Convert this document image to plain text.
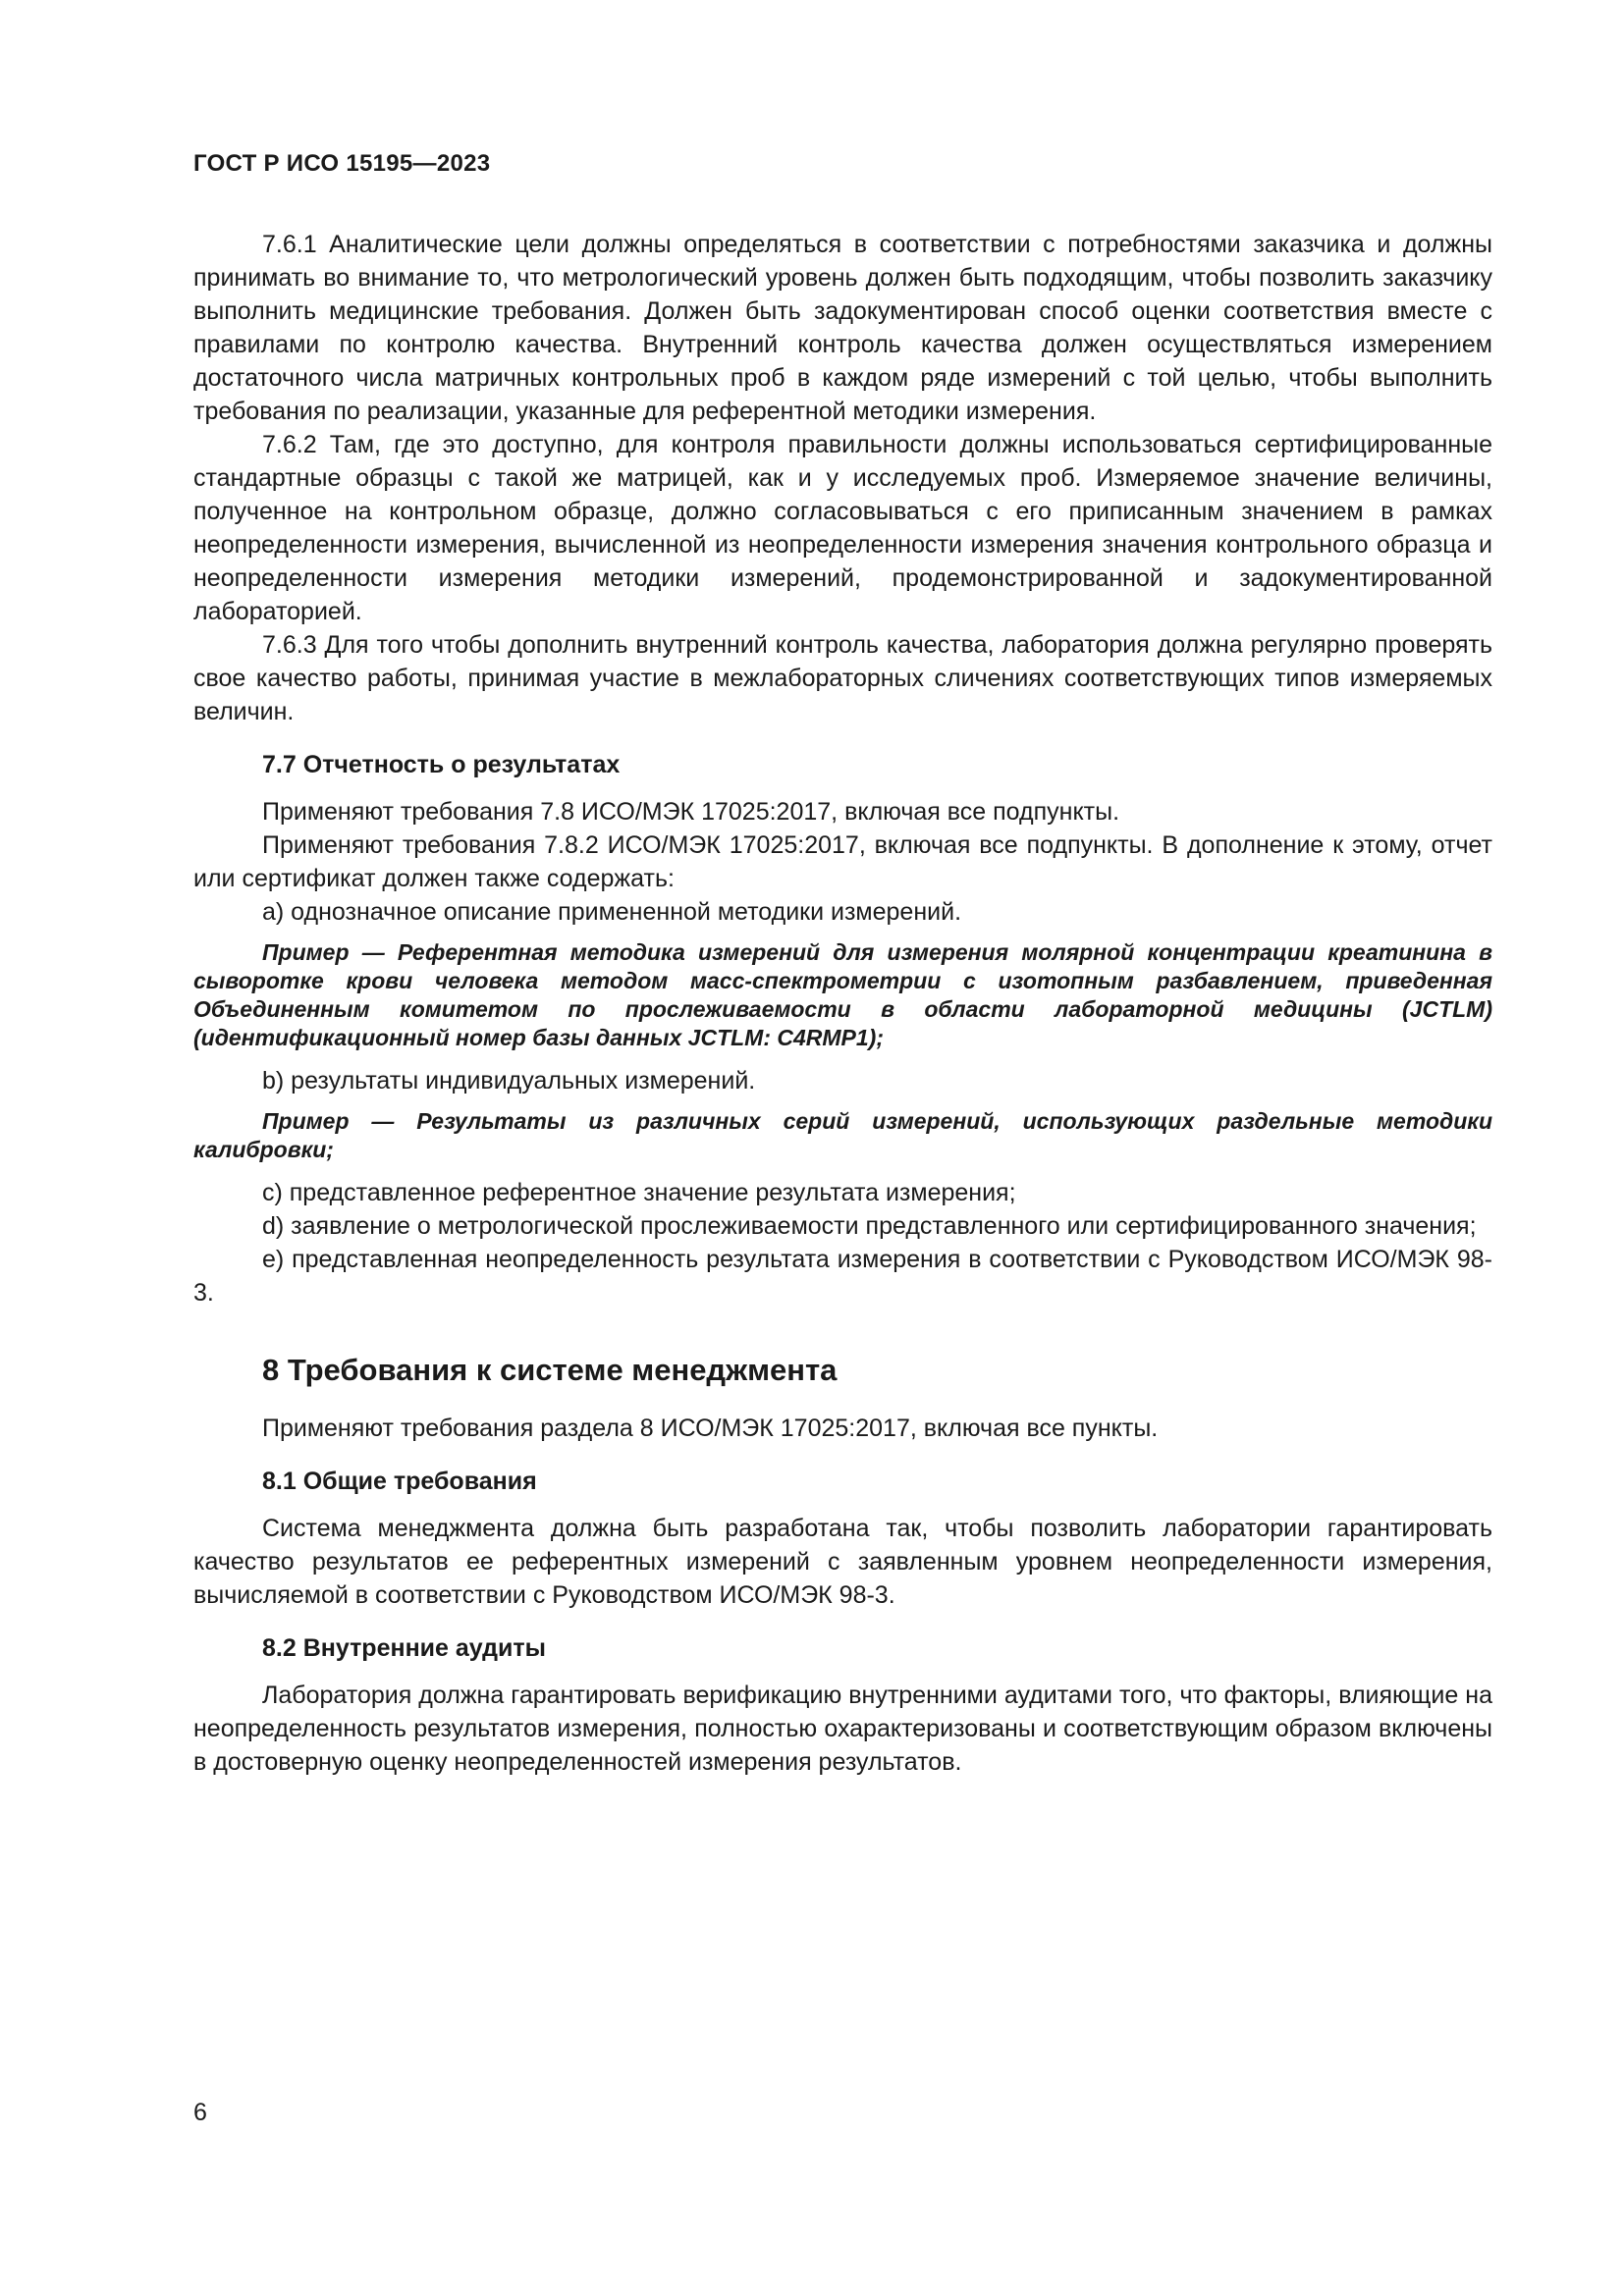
ГОСТ Р ИСО 15195—2023

7.6.1 Аналитические цели должны определяться в соответствии с потребностями заказчика и должны принимать во внимание то, что метрологический уровень должен быть подходящим, чтобы позволить заказчику выполнить медицинские требования. Должен быть задокументирован способ оценки соответствия вместе с правилами по контролю качества. Внутренний контроль качества должен осуществляться измерением достаточного числа матричных контрольных проб в каждом ряде измерений с той целью, чтобы выполнить требования по реализации, указанные для референтной методики измерения.

7.6.2 Там, где это доступно, для контроля правильности должны использоваться сертифицированные стандартные образцы с такой же матрицей, как и у исследуемых проб. Измеряемое значение величины, полученное на контрольном образце, должно согласовываться с его приписанным значением в рамках неопределенности измерения, вычисленной из неопределенности измерения значения контрольного образца и неопределенности измерения методики измерений, продемонстрированной и задокументированной лабораторией.

7.6.3 Для того чтобы дополнить внутренний контроль качества, лаборатория должна регулярно проверять свое качество работы, принимая участие в межлабораторных сличениях соответствующих типов измеряемых величин.

7.7 Отчетность о результатах

Применяют требования 7.8 ИСО/МЭК 17025:2017, включая все подпункты.

Применяют требования 7.8.2 ИСО/МЭК 17025:2017, включая все подпункты. В дополнение к этому, отчет или сертификат должен также содержать:

a) однозначное описание примененной методики измерений.

Пример — Референтная методика измерений для измерения молярной концентрации креатинина в сыворотке крови человека методом масс-спектрометрии с изотопным разбавлением, приведенная Объединенным комитетом по прослеживаемости в области лабораторной медицины (JCTLM) (идентификационный номер базы данных JCTLM: C4RMP1);

b) результаты индивидуальных измерений.

Пример — Результаты из различных серий измерений, использующих раздельные методики калибровки;

c) представленное референтное значение результата измерения;

d) заявление о метрологической прослеживаемости представленного или сертифицированного значения;

e) представленная неопределенность результата измерения в соответствии с Руководством ИСО/МЭК 98-3.

8 Требования к системе менеджмента

Применяют требования раздела 8 ИСО/МЭК 17025:2017, включая все пункты.

8.1 Общие требования

Система менеджмента должна быть разработана так, чтобы позволить лаборатории гарантировать качество результатов ее референтных измерений с заявленным уровнем неопределенности измерения, вычисляемой в соответствии с Руководством ИСО/МЭК 98-3.

8.2 Внутренние аудиты

Лаборатория должна гарантировать верификацию внутренними аудитами того, что факторы, влияющие на неопределенность результатов измерения, полностью охарактеризованы и соответствующим образом включены в достоверную оценку неопределенностей измерения результатов.

6
